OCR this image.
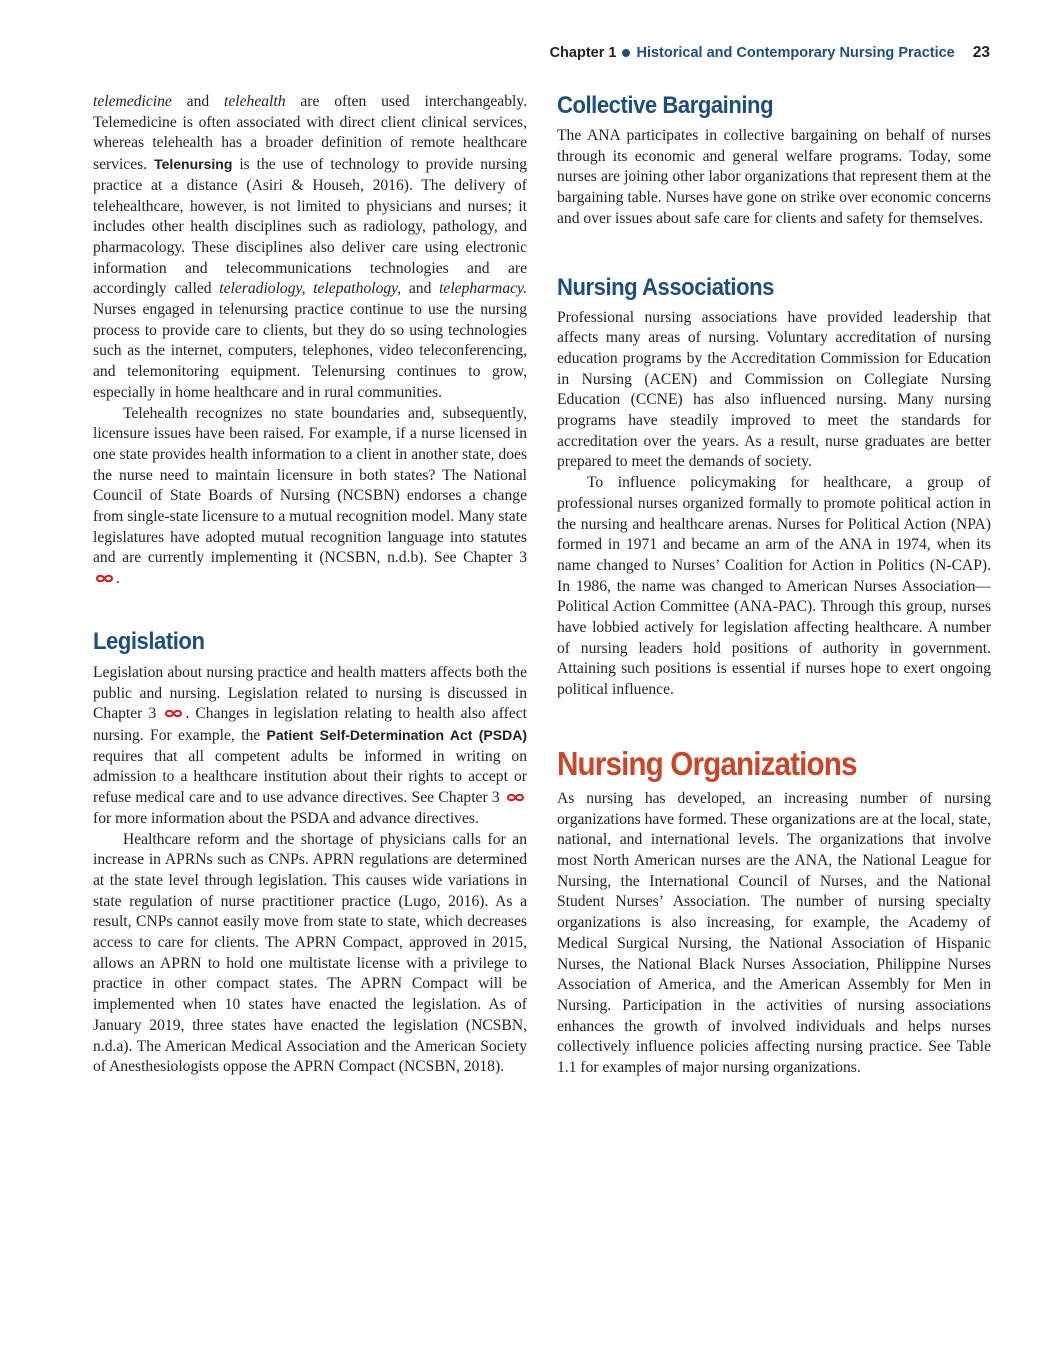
Chapter 1 Historical and Contemporary Nursing Practice 23

telemedicine and telehealth are often used interchangeably. Telemedicine is often associated with direct client clinical services, whereas telehealth has a broader definition of remote healthcare services. Telenursing is the use of technology to provide nursing practice at a distance (Asiri & Househ, 2016). The delivery of telehealthcare, however, is not limited to physicians and nurses; it includes other health disciplines such as radiology, pathology, and pharmacology. These disciplines also deliver care using electronic information and telecommunications technologies and are accordingly called teleradiology, telepathology, and telepharmacy. Nurses engaged in telenursing practice continue to use the nursing process to provide care to clients, but they do so using technologies such as the internet, computers, telephones, video teleconferencing, and telemonitoring equipment. Telenursing continues to grow, especially in home healthcare and in rural communities.

Telehealth recognizes no state boundaries and, subsequently, licensure issues have been raised. For example, if a nurse licensed in one state provides health information to a client in another state, does the nurse need to maintain licensure in both states? The National Council of State Boards of Nursing (NCSBN) endorses a change from single-state licensure to a mutual recognition model. Many state legislatures have adopted mutual recognition language into statutes and are currently implementing it (NCSBN, n.d.b). See Chapter 3
.

Legislation

Legislation about nursing practice and health matters affects both the public and nursing. Legislation related to nursing is discussed in Chapter 3 . Changes in legislation relating to health also affect nursing. For example, the Patient Self-Determination Act (PSDA) requires that all competent adults be informed in writing on admission to a healthcare institution about their rights to accept or refuse medical care and to use advance directives. See Chapter 3
for more information about the PSDA and advance directives.

Healthcare reform and the shortage of physicians calls for an increase in APRNs such as CNPs. APRN regulations are determined at the state level through legislation. This causes wide variations in state regulation of nurse practitioner practice (Lugo, 2016). As a result, CNPs cannot easily move from state to state, which decreases access to care for clients. The APRN Compact, approved in 2015, allows an APRN to hold one multistate license with a privilege to practice in other compact states. The APRN Compact will be implemented when 10 states have enacted the legislation. As of January 2019, three states have enacted the legislation (NCSBN, n.d.a). The American Medical Association and the American Society of Anesthesiologists oppose the APRN Compact (NCSBN, 2018).

Collective Bargaining

The ANA participates in collective bargaining on behalf of nurses through its economic and general welfare programs. Today, some nurses are joining other labor organizations that represent them at the bargaining table. Nurses have gone on strike over economic concerns and over issues about safe care for clients and safety for themselves.

Nursing Associations

Professional nursing associations have provided leadership that affects many areas of nursing. Voluntary accreditation of nursing education programs by the Accreditation Commission for Education in Nursing (ACEN) and Commission on Collegiate Nursing Education (CCNE) has also influenced nursing. Many nursing programs have steadily improved to meet the standards for accreditation over the years. As a result, nurse graduates are better prepared to meet the demands of society.

To influence policymaking for healthcare, a group of professional nurses organized formally to promote political action in the nursing and healthcare arenas. Nurses for Political Action (NPA) formed in 1971 and became an arm of the ANA in 1974, when its name changed to Nurses’ Coalition for Action in Politics (N-CAP). In 1986, the name was changed to American Nurses Association—Political Action Committee (ANA-PAC). Through this group, nurses have lobbied actively for legislation affecting healthcare. A number of nursing leaders hold positions of authority in government. Attaining such positions is essential if nurses hope to exert ongoing political influence.

Nursing Organizations

As nursing has developed, an increasing number of nursing organizations have formed. These organizations are at the local, state, national, and international levels. The organizations that involve most North American nurses are the ANA, the National League for Nursing, the International Council of Nurses, and the National Student Nurses’ Association. The number of nursing specialty organizations is also increasing, for example, the Academy of Medical Surgical Nursing, the National Association of Hispanic Nurses, the National Black Nurses Association, Philippine Nurses Association of America, and the American Assembly for Men in Nursing. Participation in the activities of nursing associations enhances the growth of involved individuals and helps nurses collectively influence policies affecting nursing practice. See Table 1.1 for examples of major nursing organizations.
